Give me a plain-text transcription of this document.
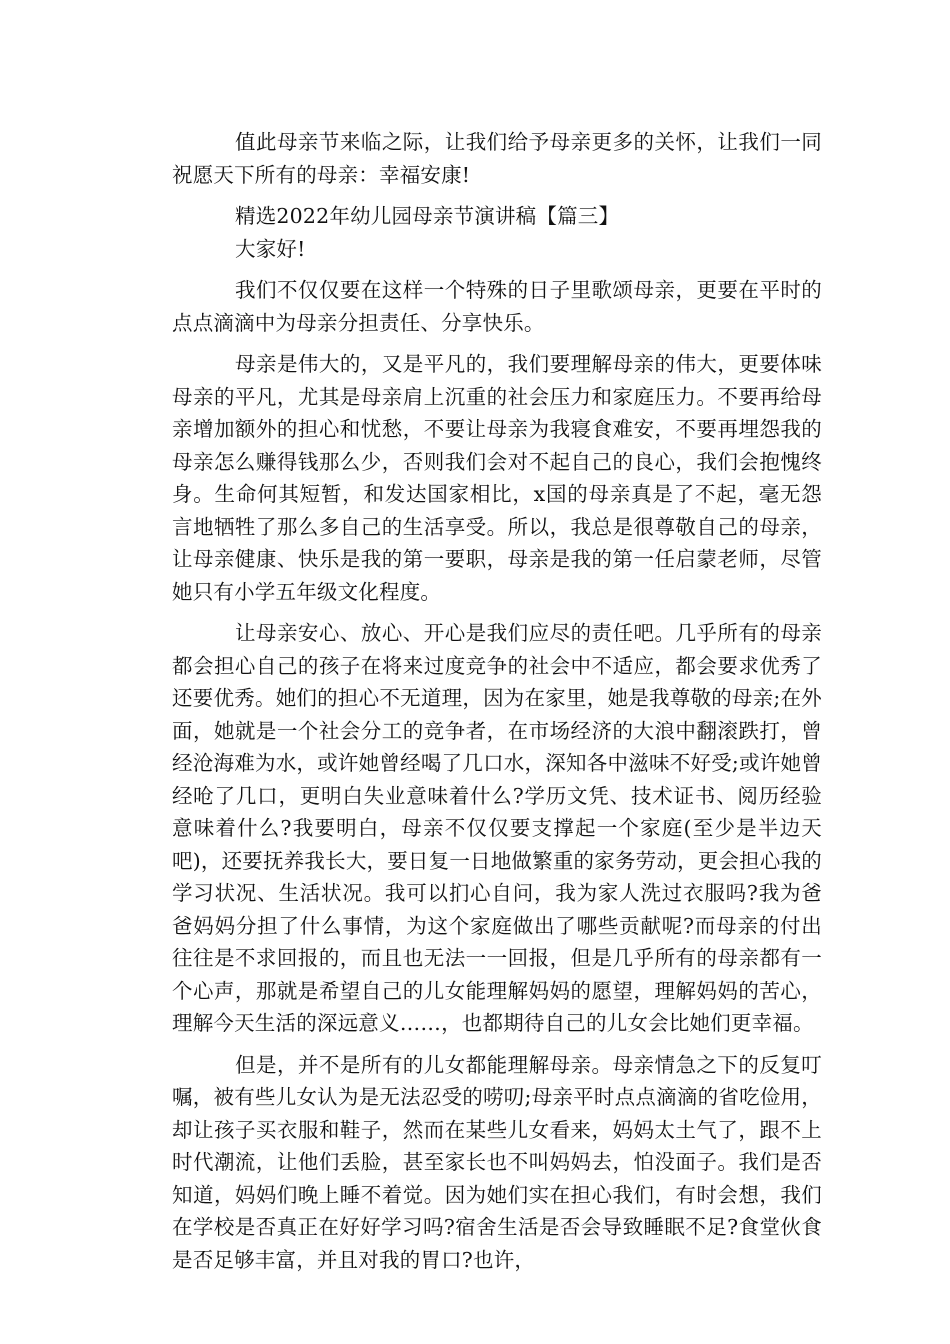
值此母亲节来临之际，让我们给予母亲更多的关怀，让我们一同祝愿天下所有的母亲：幸福安康!

精选2022年幼儿园母亲节演讲稿【篇三】

大家好!

我们不仅仅要在这样一个特殊的日子里歌颂母亲，更要在平时的点点滴滴中为母亲分担责任、分享快乐。

母亲是伟大的，又是平凡的，我们要理解母亲的伟大，更要体味母亲的平凡，尤其是母亲肩上沉重的社会压力和家庭压力。不要再给母亲增加额外的担心和忧愁，不要让母亲为我寝食难安，不要再埋怨我的母亲怎么赚得钱那么少，否则我们会对不起自己的良心，我们会抱愧终身。生命何其短暂，和发达国家相比，x国的母亲真是了不起，毫无怨言地牺牲了那么多自己的生活享受。所以，我总是很尊敬自己的母亲，让母亲健康、快乐是我的第一要职，母亲是我的第一任启蒙老师，尽管她只有小学五年级文化程度。

让母亲安心、放心、开心是我们应尽的责任吧。几乎所有的母亲都会担心自己的孩子在将来过度竞争的社会中不适应，都会要求优秀了还要优秀。她们的担心不无道理，因为在家里，她是我尊敬的母亲;在外面，她就是一个社会分工的竞争者，在市场经济的大浪中翻滚跌打，曾经沧海难为水，或许她曾经喝了几口水，深知各中滋味不好受;或许她曾经呛了几口，更明白失业意味着什么?学历文凭、技术证书、阅历经验意味着什么?我要明白，母亲不仅仅要支撑起一个家庭(至少是半边天吧)，还要抚养我长大，要日复一日地做繁重的家务劳动，更会担心我的学习状况、生活状况。我可以扪心自问，我为家人洗过衣服吗?我为爸爸妈妈分担了什么事情，为这个家庭做出了哪些贡献呢?而母亲的付出往往是不求回报的，而且也无法一一回报，但是几乎所有的母亲都有一个心声，那就是希望自己的儿女能理解妈妈的愿望，理解妈妈的苦心，理解今天生活的深远意义……，也都期待自己的儿女会比她们更幸福。

但是，并不是所有的儿女都能理解母亲。母亲情急之下的反复叮嘱，被有些儿女认为是无法忍受的唠叨;母亲平时点点滴滴的省吃俭用，却让孩子买衣服和鞋子，然而在某些儿女看来，妈妈太土气了，跟不上时代潮流，让他们丢脸，甚至家长也不叫妈妈去，怕没面子。我们是否知道，妈妈们晚上睡不着觉。因为她们实在担心我们，有时会想，我们在学校是否真正在好好学习吗?宿舍生活是否会导致睡眠不足?食堂伙食是否足够丰富，并且对我的胃口?也许，
